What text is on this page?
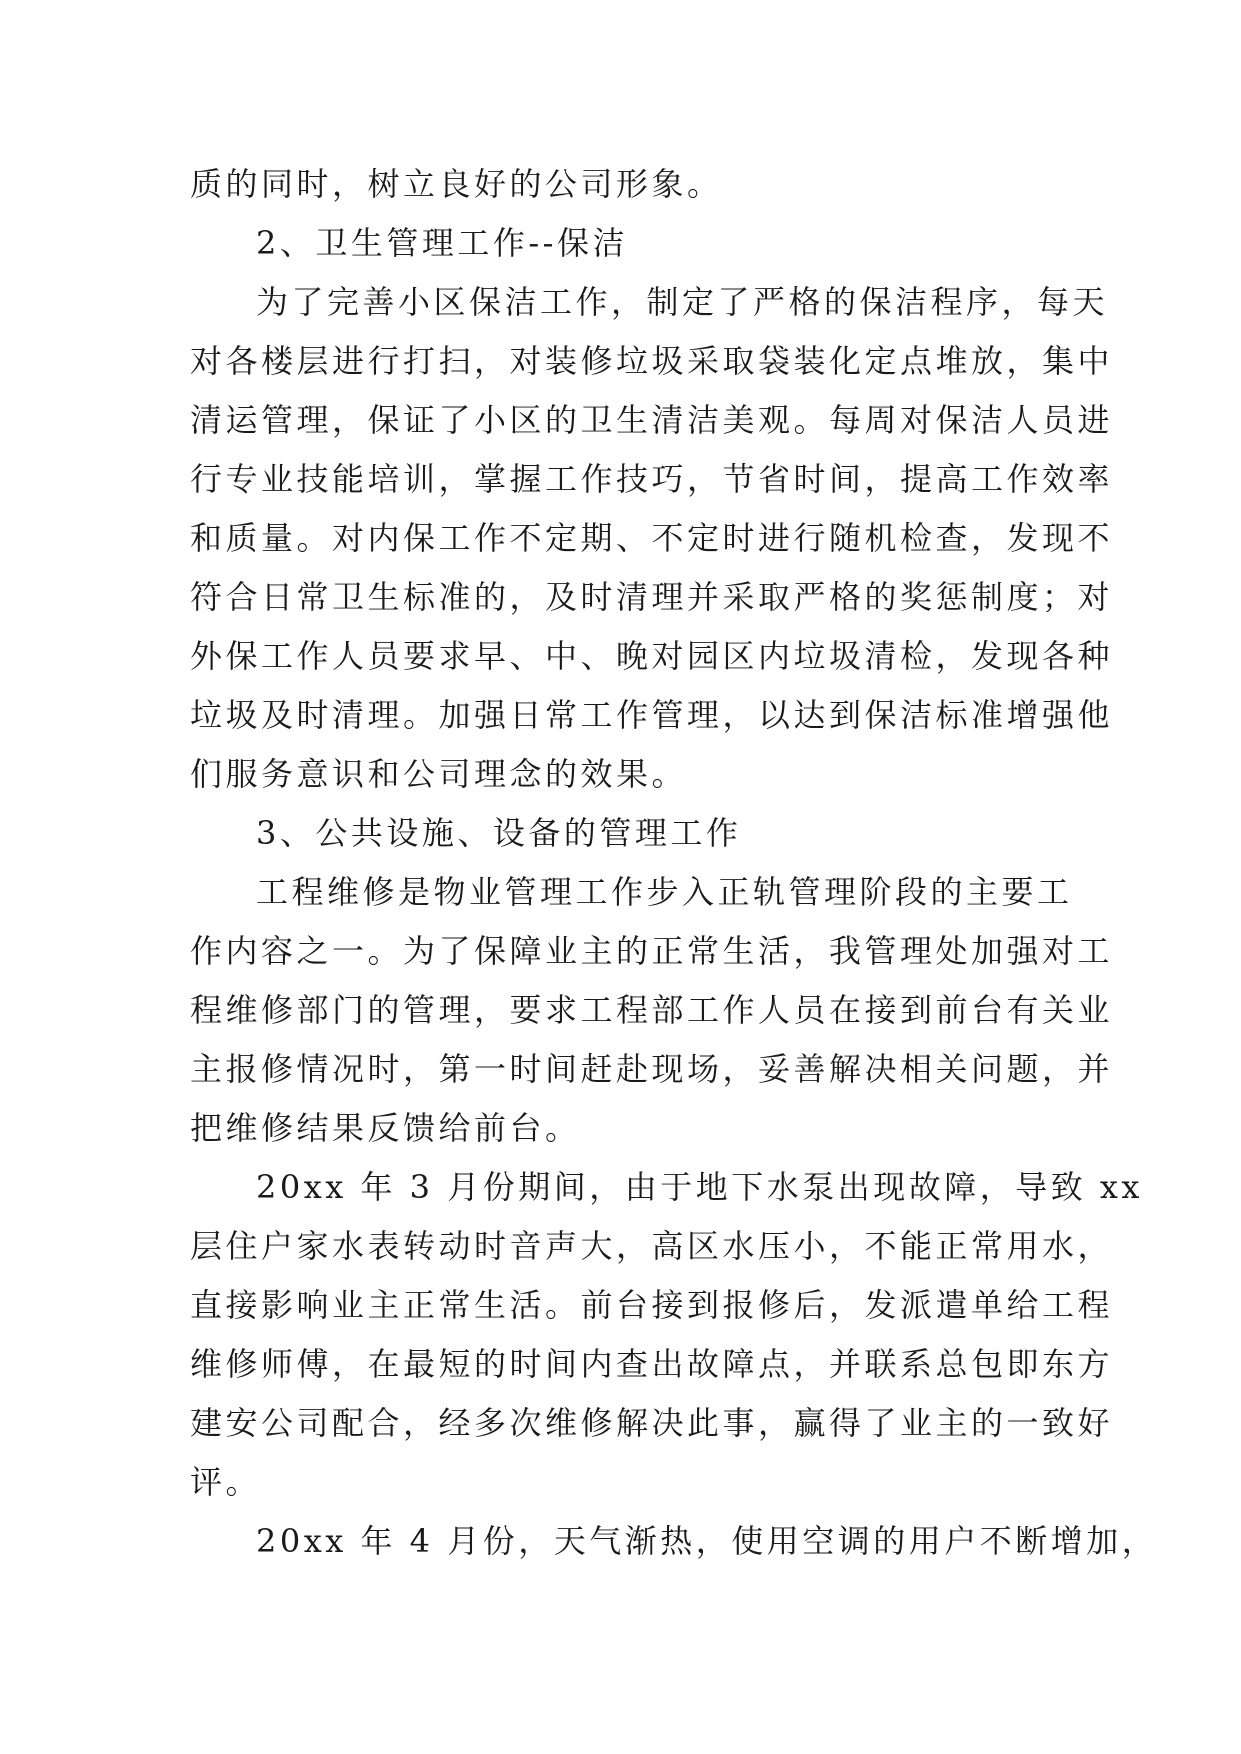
质的同时，树立良好的公司形象。
2、卫生管理工作--保洁
为了完善小区保洁工作，制定了严格的保洁程序，每天
对各楼层进行打扫，对装修垃圾采取袋装化定点堆放，集中
清运管理，保证了小区的卫生清洁美观。每周对保洁人员进
行专业技能培训，掌握工作技巧，节省时间，提高工作效率
和质量。对内保工作不定期、不定时进行随机检查，发现不
符合日常卫生标准的，及时清理并采取严格的奖惩制度；对
外保工作人员要求早、中、晚对园区内垃圾清检，发现各种
垃圾及时清理。加强日常工作管理，以达到保洁标准增强他
们服务意识和公司理念的效果。
3、公共设施、设备的管理工作
工程维修是物业管理工作步入正轨管理阶段的主要工
作内容之一。为了保障业主的正常生活，我管理处加强对工
程维修部门的管理，要求工程部工作人员在接到前台有关业
主报修情况时，第一时间赶赴现场，妥善解决相关问题，并
把维修结果反馈给前台。
20xx 年 3 月份期间，由于地下水泵出现故障，导致 xx
层住户家水表转动时音声大，高区水压小，不能正常用水，
直接影响业主正常生活。前台接到报修后，发派遣单给工程
维修师傅，在最短的时间内查出故障点，并联系总包即东方
建安公司配合，经多次维修解决此事，赢得了业主的一致好
评。
20xx 年 4 月份，天气渐热，使用空调的用户不断增加，
